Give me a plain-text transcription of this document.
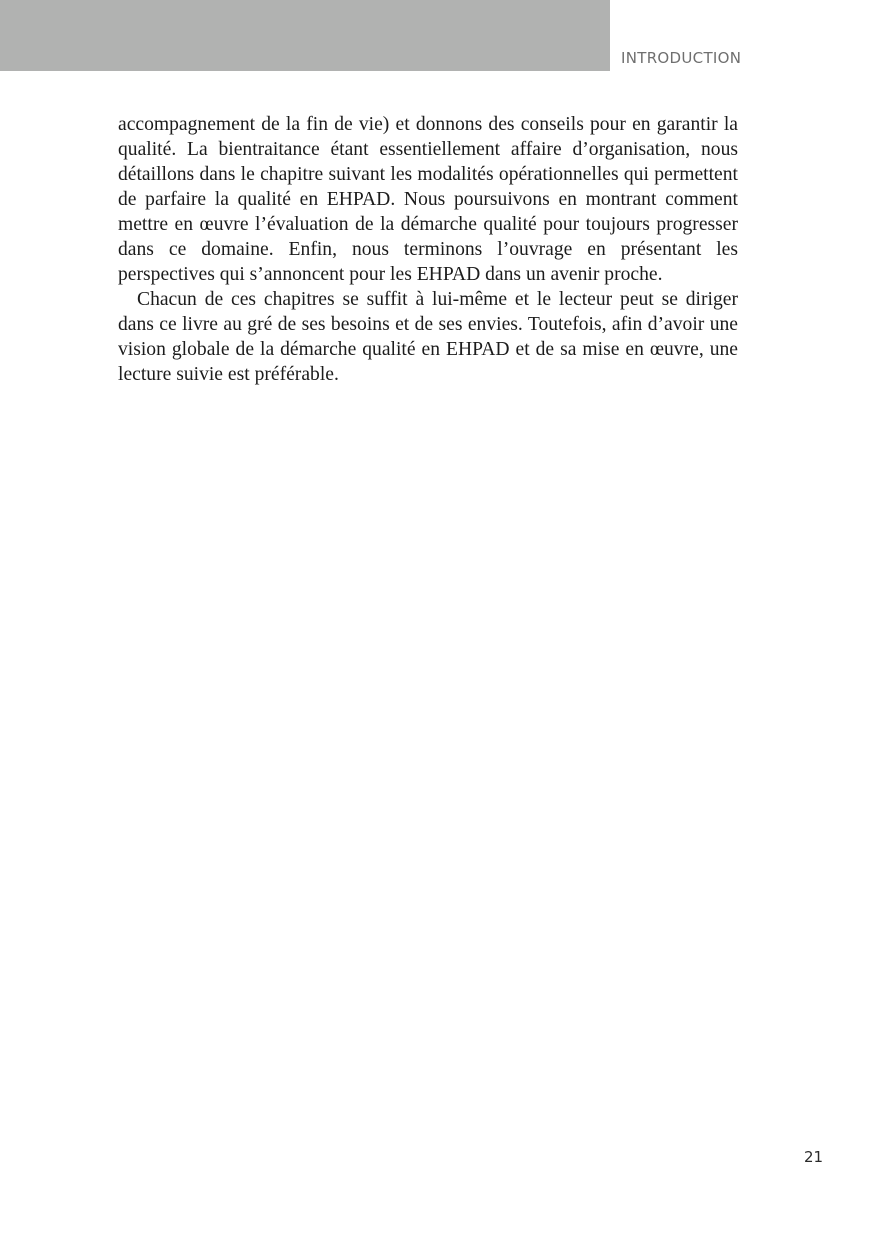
INTRODUCTION

accompagnement de la fin de vie) et donnons des conseils pour en garantir la qualité. La bientraitance étant essentiellement affaire d’organisation, nous détaillons dans le chapitre suivant les modalités opérationnelles qui permettent de parfaire la qualité en EHPAD. Nous poursuivons en montrant comment mettre en œuvre l’évaluation de la démarche qualité pour toujours progresser dans ce domaine. Enfin, nous terminons l’ouvrage en présentant les perspectives qui s’annoncent pour les EHPAD dans un avenir proche.

Chacun de ces chapitres se suffit à lui-même et le lecteur peut se diriger dans ce livre au gré de ses besoins et de ses envies. Toutefois, afin d’avoir une vision globale de la démarche qualité en EHPAD et de sa mise en œuvre, une lecture suivie est préférable.

21
